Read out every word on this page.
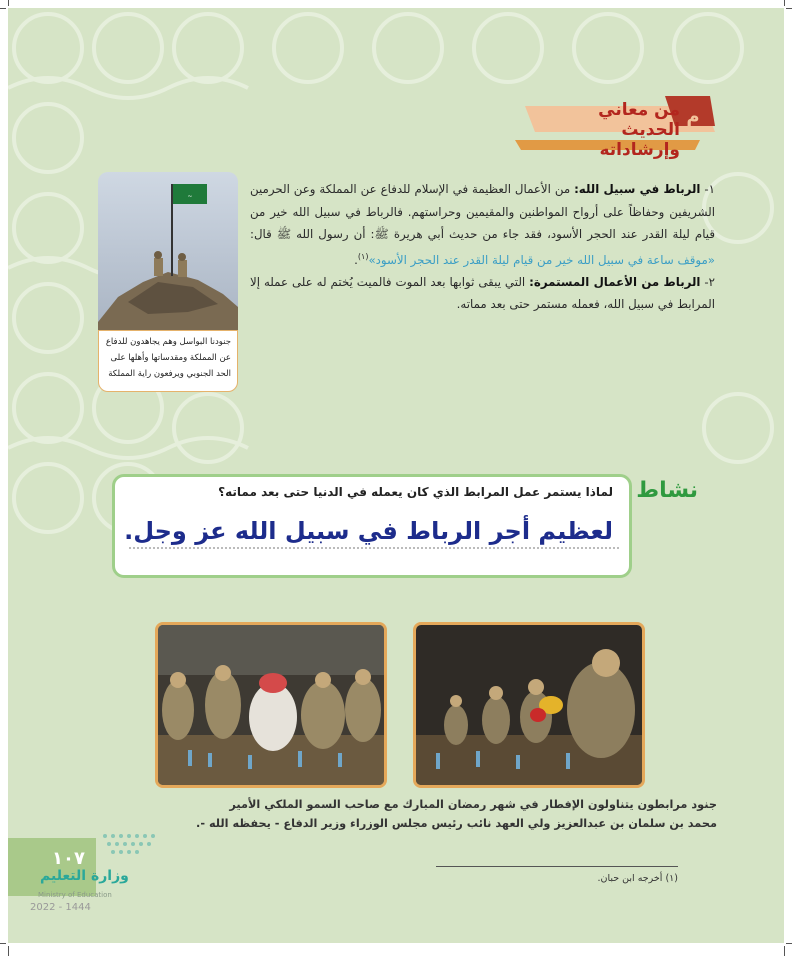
م
من معاني الحديث
وإرشاداته
~
جنودنا البواسل وهم يجاهدون للدفاع عن المملكة ومقدساتها وأهلها على الحد الجنوبي ويرفعون راية المملكة

١- الرباط في سبيل الله: من الأعمال العظيمة في الإسلام للدفاع عن المملكة وعن الحرمين الشريفين وحفاظاً على أرواح المواطنين والمقيمين وحراستهم. فالرباط في سبيل الله خير من قيام ليلة القدر عند الحجر الأسود، فقد جاء من حديث أبي هريرة ﷺ: أن رسول الله ﷺ قال: «موقف ساعة في سبيل الله خير من قيام ليلة القدر عند الحجر الأسود»$^{(١)}$.

٢- الرباط من الأعمال المستمرة: التي يبقى ثوابها بعد الموت فالميت يُختم له على عمله إلا المرابط في سبيل الله، فعمله مستمر حتى بعد مماته.

نشاط
لماذا يستمر عمل المرابط الذي كان يعمله في الدنيا حتى بعد مماته؟
لعظيم أجر الرباط في سبيل الله عز وجل.
جنود مرابطون يتناولون الإفطار في شهر رمضان المبارك مع صاحب السمو الملكي الأمير
محمد بن سلمان بن عبدالعزيز ولي العهد نائب رئيس مجلس الوزراء وزير الدفاع - يحفظه الله -.
(١) أخرجه ابن حبان.
١٠٧
وزارة التعليم
Ministry of Education
2022 - 1444
